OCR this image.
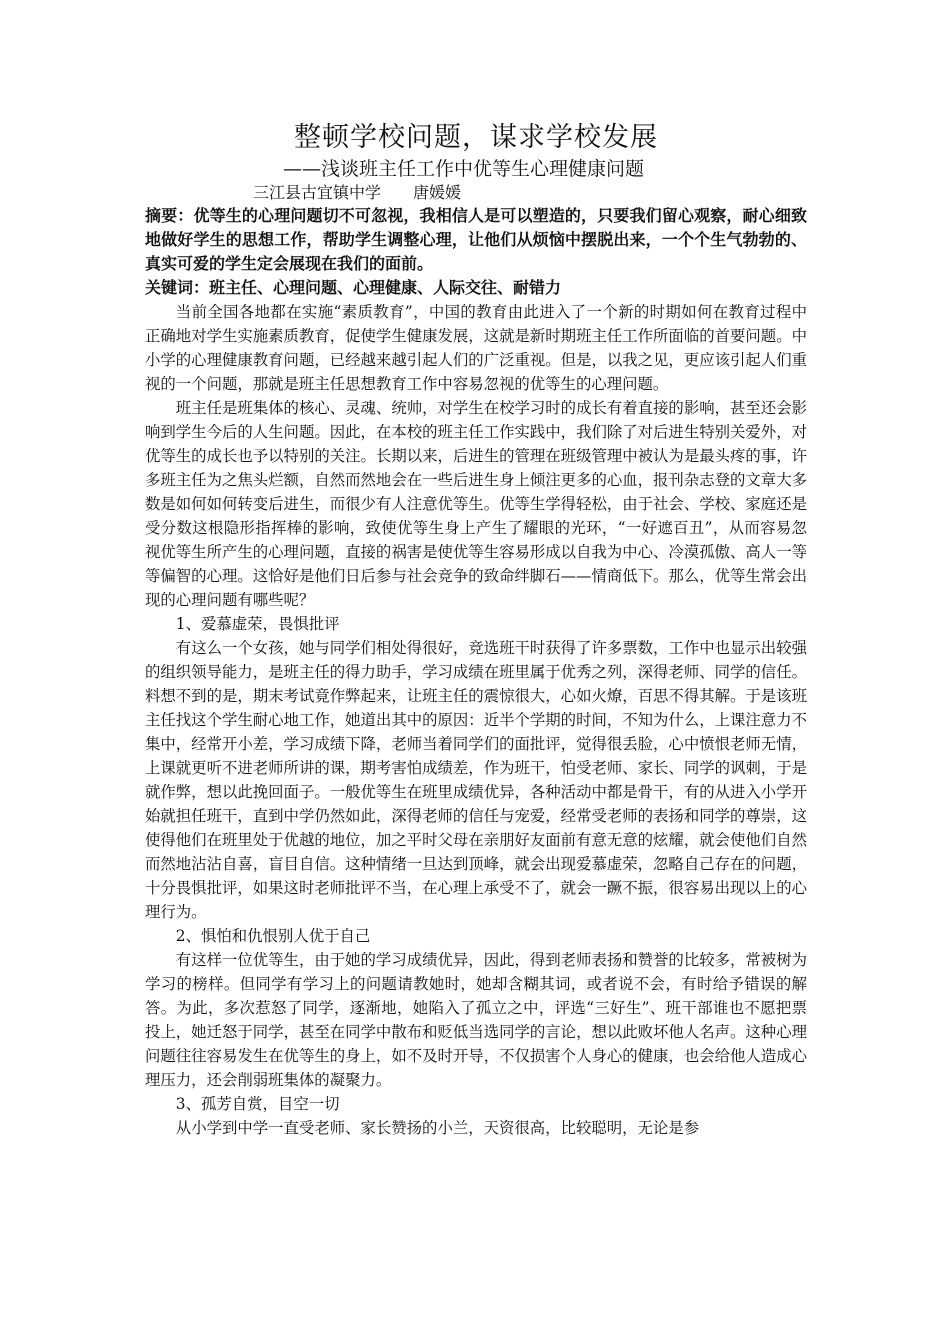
整顿学校问题，谋求学校发展

——浅谈班主任工作中优等生心理健康问题

三江县古宜镇中学　　唐媛媛

摘要：优等生的心理问题切不可忽视，我相信人是可以塑造的，只要我们留心观察，耐心细致地做好学生的思想工作，帮助学生调整心理，让他们从烦恼中摆脱出来，一个个生气勃勃的、真实可爱的学生定会展现在我们的面前。

关键词：班主任、心理问题、心理健康、人际交往、耐错力

当前全国各地都在实施“素质教育”，中国的教育由此进入了一个新的时期如何在教育过程中正确地对学生实施素质教育，促使学生健康发展，这就是新时期班主任工作所面临的首要问题。中小学的心理健康教育问题，已经越来越引起人们的广泛重视。但是，以我之见，更应该引起人们重视的一个问题，那就是班主任思想教育工作中容易忽视的优等生的心理问题。

班主任是班集体的核心、灵魂、统帅，对学生在校学习时的成长有着直接的影响，甚至还会影响到学生今后的人生问题。因此，在本校的班主任工作实践中，我们除了对后进生特别关爱外，对优等生的成长也予以特别的关注。长期以来，后进生的管理在班级管理中被认为是最头疼的事，许多班主任为之焦头烂额，自然而然地会在一些后进生身上倾注更多的心血，报刊杂志登的文章大多数是如何如何转变后进生，而很少有人注意优等生。优等生学得轻松，由于社会、学校、家庭还是受分数这根隐形指挥棒的影响，致使优等生身上产生了耀眼的光环，“一好遮百丑”，从而容易忽视优等生所产生的心理问题，直接的祸害是使优等生容易形成以自我为中心、冷漠孤傲、高人一等等偏智的心理。这恰好是他们日后参与社会竞争的致命绊脚石——情商低下。那么，优等生常会出现的心理问题有哪些呢？

1、爱慕虚荣，畏惧批评

有这么一个女孩，她与同学们相处得很好，竞选班干时获得了许多票数，工作中也显示出较强的组织领导能力，是班主任的得力助手，学习成绩在班里属于优秀之列，深得老师、同学的信任。料想不到的是，期末考试竟作弊起来，让班主任的震惊很大，心如火燎，百思不得其解。于是该班主任找这个学生耐心地工作，她道出其中的原因：近半个学期的时间，不知为什么，上课注意力不集中，经常开小差，学习成绩下降，老师当着同学们的面批评，觉得很丢脸，心中愤恨老师无情，上课就更听不进老师所讲的课，期考害怕成绩差，作为班干，怕受老师、家长、同学的讽刺，于是就作弊，想以此挽回面子。一般优等生在班里成绩优异，各种活动中都是骨干，有的从进入小学开始就担任班干，直到中学仍然如此，深得老师的信任与宠爱，经常受老师的表扬和同学的尊崇，这使得他们在班里处于优越的地位，加之平时父母在亲朋好友面前有意无意的炫耀，就会使他们自然而然地沾沾自喜，盲目自信。这种情绪一旦达到顶峰，就会出现爱慕虚荣，忽略自己存在的问题，十分畏惧批评，如果这时老师批评不当，在心理上承受不了，就会一蹶不振，很容易出现以上的心理行为。

2、惧怕和仇恨别人优于自己

有这样一位优等生，由于她的学习成绩优异，因此，得到老师表扬和赞誉的比较多，常被树为学习的榜样。但同学有学习上的问题请教她时，她却含糊其词，或者说不会，有时给予错误的解答。为此，多次惹怒了同学，逐渐地，她陷入了孤立之中，评选“三好生”、班干部谁也不愿把票投上，她迁怒于同学，甚至在同学中散布和贬低当选同学的言论，想以此败坏他人名声。这种心理问题往往容易发生在优等生的身上，如不及时开导，不仅损害个人身心的健康，也会给他人造成心理压力，还会削弱班集体的凝聚力。

3、孤芳自赏，目空一切

从小学到中学一直受老师、家长赞扬的小兰，天资很高，比较聪明，无论是参
